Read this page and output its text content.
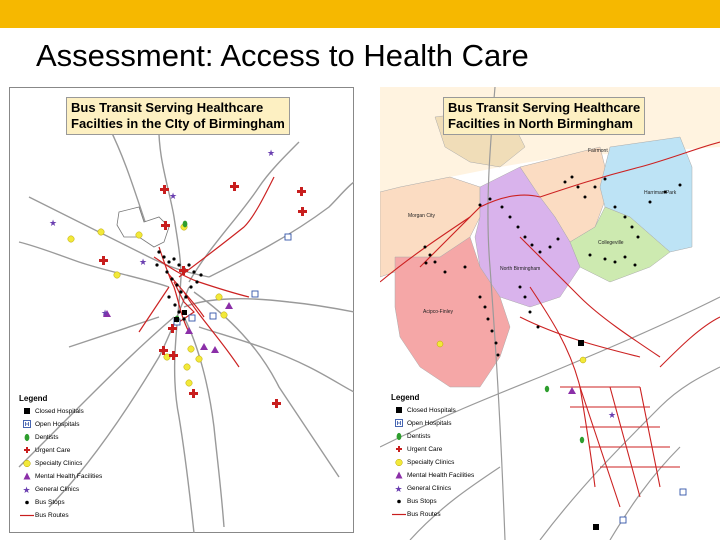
Assessment: Access to Health Care
★
★
★
★
★
Bus Transit Serving Healthcare
Facilties in the CIty of Birmingham
Legend
Closed Hospitals
Open Hospitals
Dentists
Urgent Care
Specialty Clinics
Mental Health Facilities
★ General Clinics
Bus Stops
Bus Routes
★
Bus Transit Serving Healthcare
Facilties in North Birmingham
Fairmont
Harriman Park
Morgan City
Collegeville
North Birmingham
Acipco-Finley
Legend
Closed Hospitals
Open Hospitals
Dentists
Urgent Care
Specialty Clinics
Mental Health Facilities
★ General Clinics
Bus Stops
Bus Routes
